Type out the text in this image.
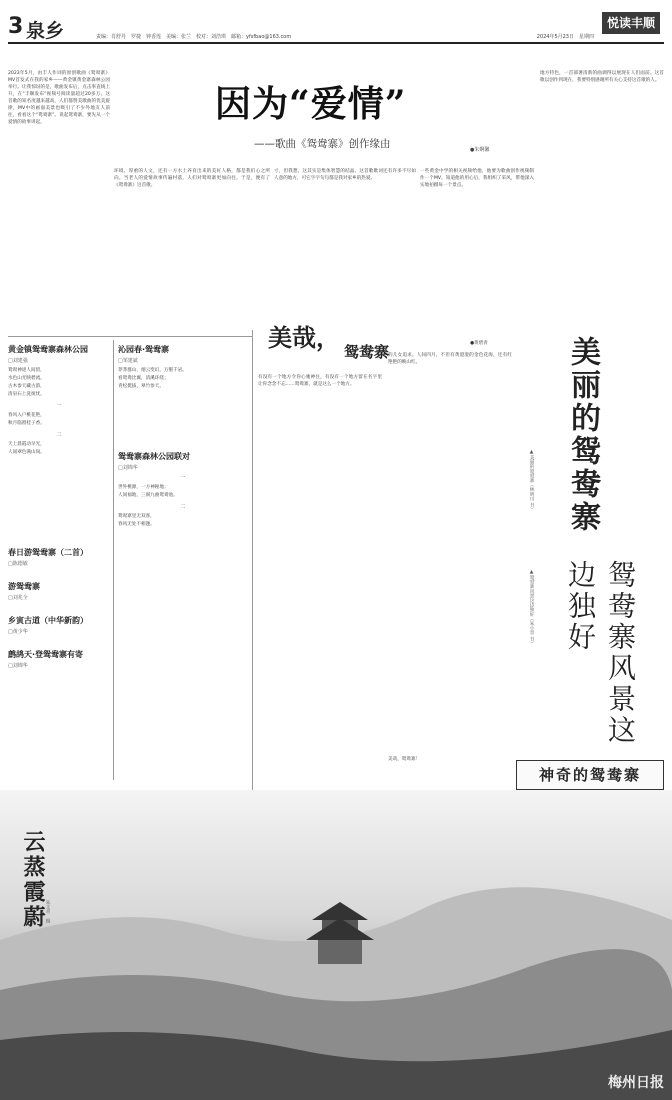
3 泉乡	责编：肖舒丹　罗捷　钟香莲　美编：张兰　校对：刘浩琪　邮箱：yfsfbao@163.com	2024年5月23日　星期四
悦读丰顺
因为“爱情”
——歌曲《鸳鸯寨》创作缘由	●朱婀馨
2023年5月，由丰人作词的原创歌曲《鸳鸯寨》MV首发式在我的家乡——黄金镇黄金寨森林公园举行。让我惊讶的是，歌曲发布后，点击率直线上升，在“丰顺发布”视频号阅读量超过20多万。这首歌的知名度越来越高，人们都赞美歌曲的优美旋律，MV中的画面美景也吸引了不少外地友人前往，看看这个“鸳鸯寨”。说起鸳鸯寨，要先从一个爱情的故事讲起。
环境、厚重的人文，还有一方水土养育出来的美好人格，都是我们心之所向。当老人的爱情故事传遍村落，人们对鸳鸯寨更加向往。于是，便有了《鸳鸯寨》这首歌。
寸，但我想，这其实是集体智慧的结晶。这首歌歌词还有许多不尽如人意的地方，可它字字句句都是我对家乡的热爱。
一些黄金中学的相关视频给他，他要为歌曲创作视频制作一个MV。知道他的用心后，我组织了采风，带他深入实地拍摄每一个景点。
地方特色，一首部署清新的曲调得以展现在人们面前。这首歌以创作到现在，我要特别感谢所有关心支持这首歌的人。
黄金镇鸳鸯寨森林公园
□刘建强
鸳鸯神迹人间留，
水色山光映碧流。
古木参天藏古韵，
清泉石上洗烦忧。
一
春风入户桃花艳，
秋月临窗桂子香。
二
天上晨霞动早光，
人间翠色满山岗。
春日游鸳鸯寨（二首）
□陈德敏
游鸳鸯寨
□刘兆全
乡寅古道（中华新韵）
□黄少华
鹧鸪天·登鸳鸯寨有寄
□刘锦华
沁园春·鸳鸯寨
□邹建斌
莽莽群山，烟云变幻，万壑千岩。
看鸳鸯比翼，清溪环绕；
青松挺拔，翠竹参天。
鸳鸯寨森林公园联对
□刘锦华
一
世外桃源，一方神秘地；
人间福地，三洞九曲鸳鸯池。
二
鸳鸯寨里无双客，
春风无处不相逢。
美哉， 鸳鸯寨	●黄碧青
有没有一个地方令你心驰神往，有没有一个地方留在名字里让你念念不忘……鸳鸯寨，就是这么一个地方。
的儿女追求。人间四月，不但有黄澄澄的金色花海，还有红艳艳的映山红。
美哉，鸳鸯寨！
美丽的鸳鸯寨
▲美丽的鸳鸯寨（林明川 书）
鸳鸯寨风景这边独好
▲鸳鸯寨风景这边独好（朱小容 书）
神奇的鸳鸯寨
云蒸霞蔚 朱文青　摄
梅州日报
